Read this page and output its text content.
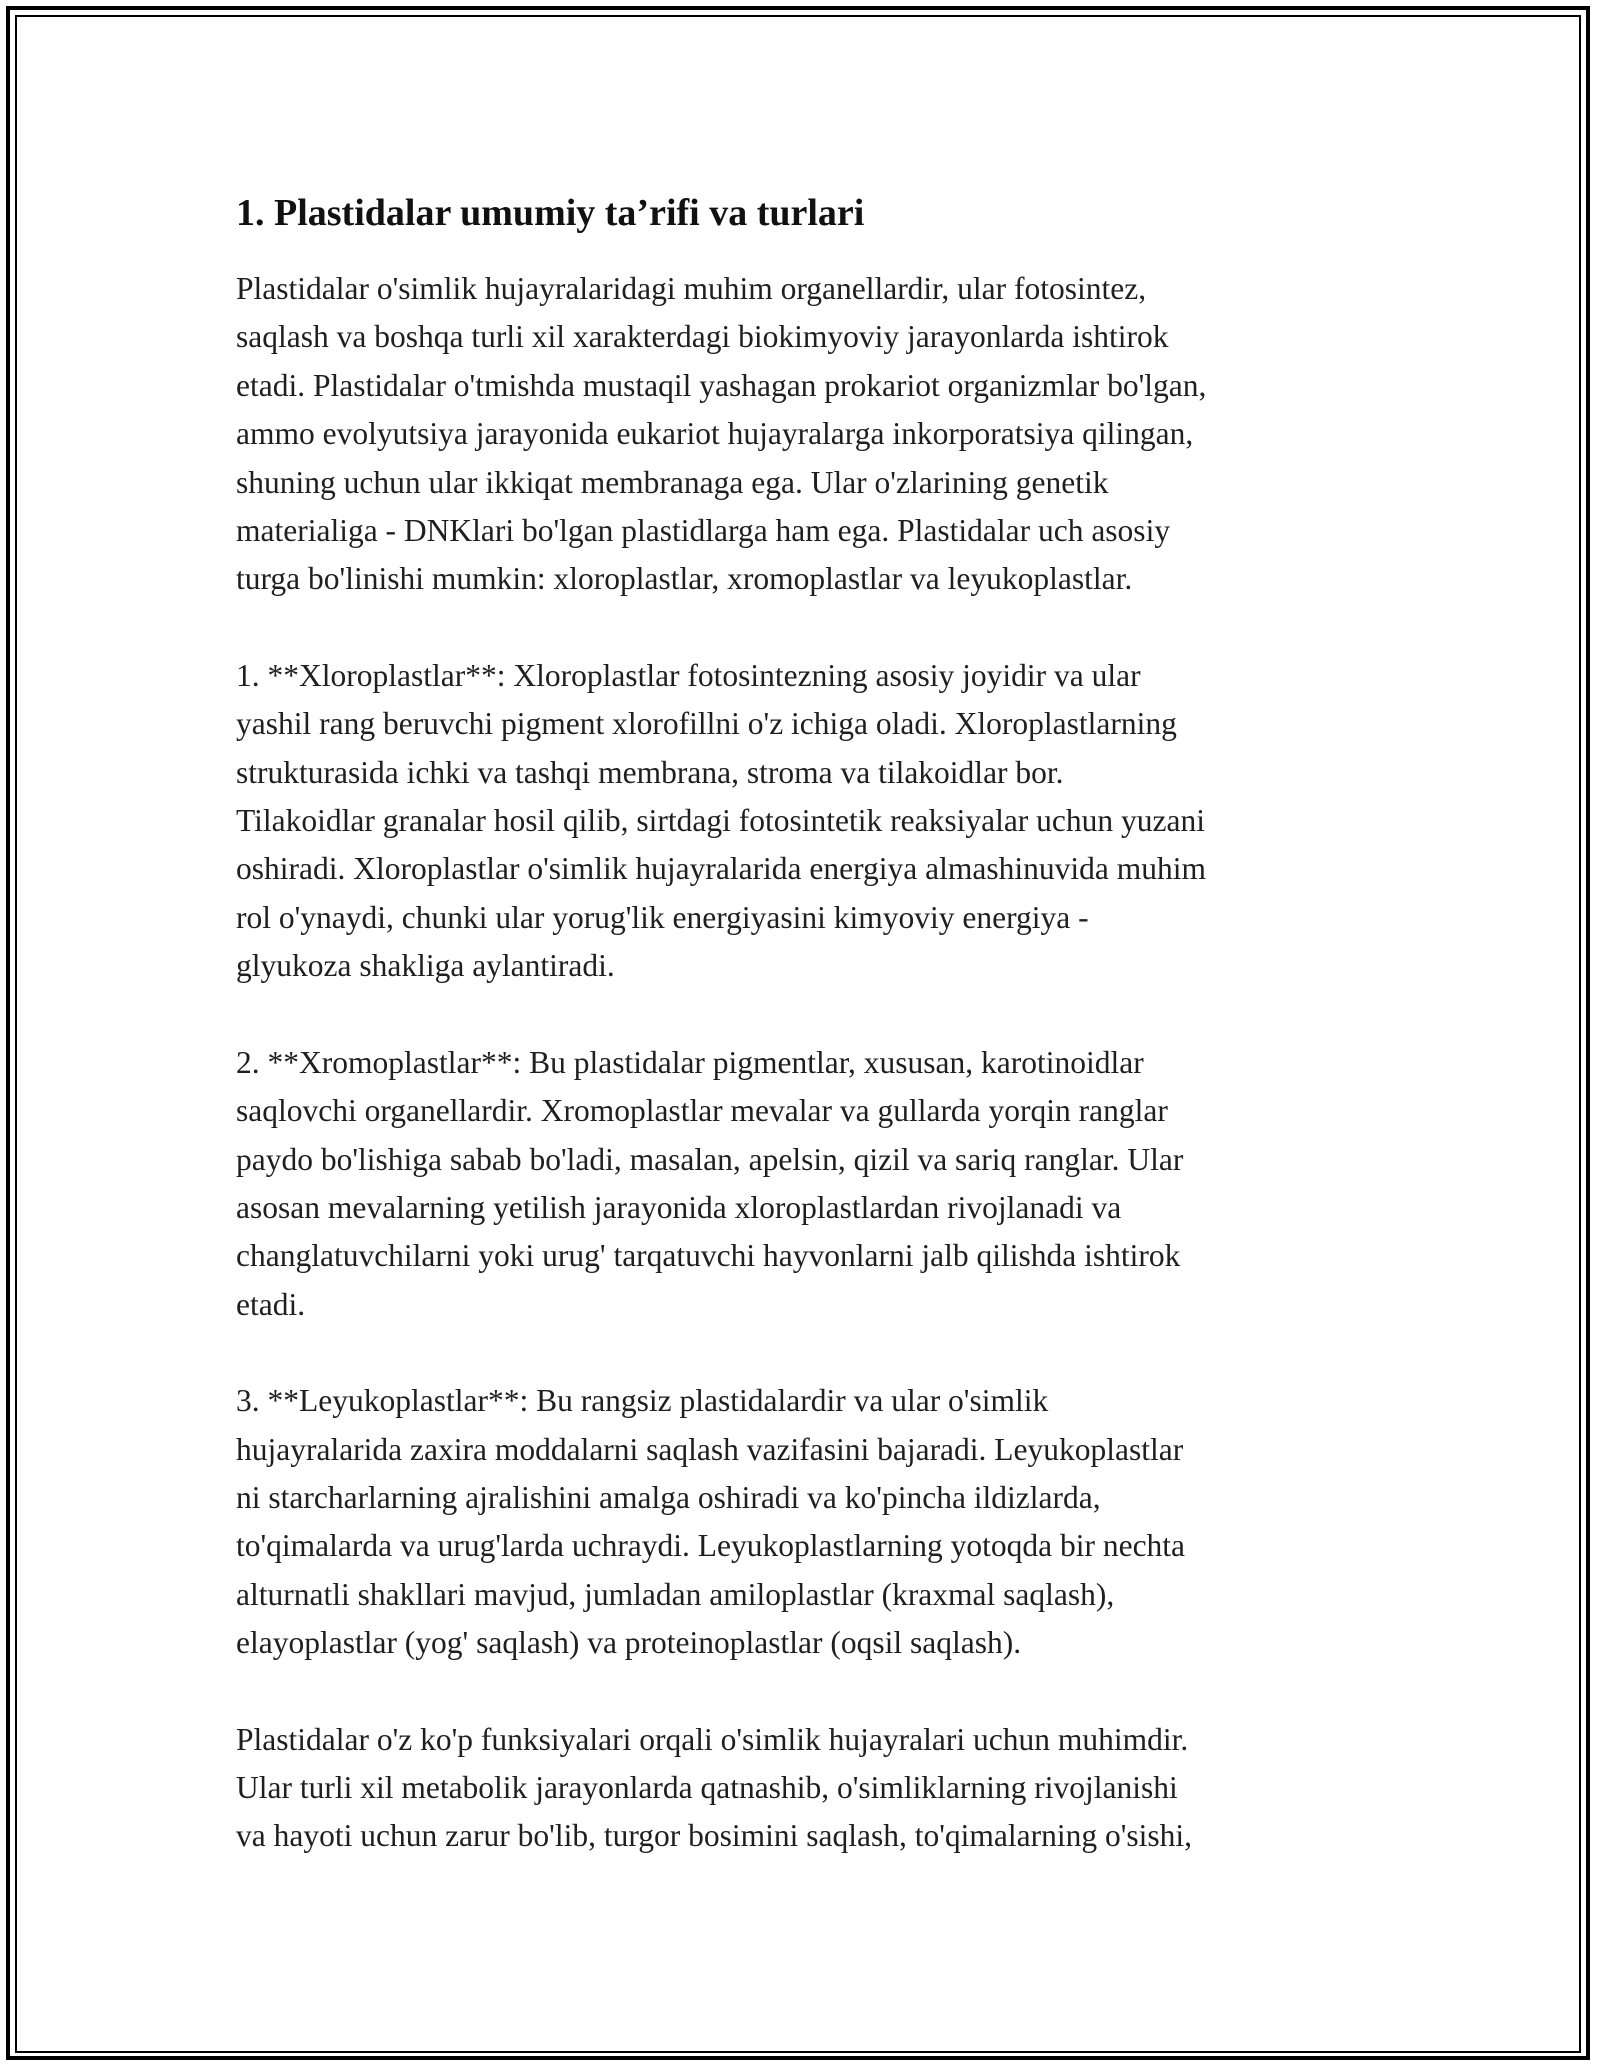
1. Plastidalar umumiy ta’rifi va turlari

Plastidalar o'simlik hujayralaridagi muhim organellardir, ular fotosintez,
saqlash va boshqa turli xil xarakterdagi biokimyoviy jarayonlarda ishtirok
etadi. Plastidalar o'tmishda mustaqil yashagan prokariot organizmlar bo'lgan,
ammo evolyutsiya jarayonida eukariot hujayralarga inkorporatsiya qilingan,
shuning uchun ular ikkiqat membranaga ega. Ular o'zlarining genetik
materialiga - DNKlari bo'lgan plastidlarga ham ega. Plastidalar uch asosiy
turga bo'linishi mumkin: xloroplastlar, xromoplastlar va leyukoplastlar.

1. **Xloroplastlar**: Xloroplastlar fotosintezning asosiy joyidir va ular
yashil rang beruvchi pigment xlorofillni o'z ichiga oladi. Xloroplastlarning
strukturasida ichki va tashqi membrana, stroma va tilakoidlar bor.
Tilakoidlar granalar hosil qilib, sirtdagi fotosintetik reaksiyalar uchun yuzani
oshiradi. Xloroplastlar o'simlik hujayralarida energiya almashinuvida muhim
rol o'ynaydi, chunki ular yorug'lik energiyasini kimyoviy energiya -
glyukoza shakliga aylantiradi.

2. **Xromoplastlar**: Bu plastidalar pigmentlar, xususan, karotinoidlar
saqlovchi organellardir. Xromoplastlar mevalar va gullarda yorqin ranglar
paydo bo'lishiga sabab bo'ladi, masalan, apelsin, qizil va sariq ranglar. Ular
asosan mevalarning yetilish jarayonida xloroplastlardan rivojlanadi va
changlatuvchilarni yoki urug' tarqatuvchi hayvonlarni jalb qilishda ishtirok
etadi.

3. **Leyukoplastlar**: Bu rangsiz plastidalardir va ular o'simlik
hujayralarida zaxira moddalarni saqlash vazifasini bajaradi. Leyukoplastlar
ni starcharlarning ajralishini amalga oshiradi va ko'pincha ildizlarda,
to'qimalarda va urug'larda uchraydi. Leyukoplastlarning yotoqda bir nechta
alturnatli shakllari mavjud, jumladan amiloplastlar (kraxmal saqlash),
elayoplastlar (yog' saqlash) va proteinoplastlar (oqsil saqlash).

Plastidalar o'z ko'p funksiyalari orqali o'simlik hujayralari uchun muhimdir.
Ular turli xil metabolik jarayonlarda qatnashib, o'simliklarning rivojlanishi
va hayoti uchun zarur bo'lib, turgor bosimini saqlash, to'qimalarning o'sishi,
